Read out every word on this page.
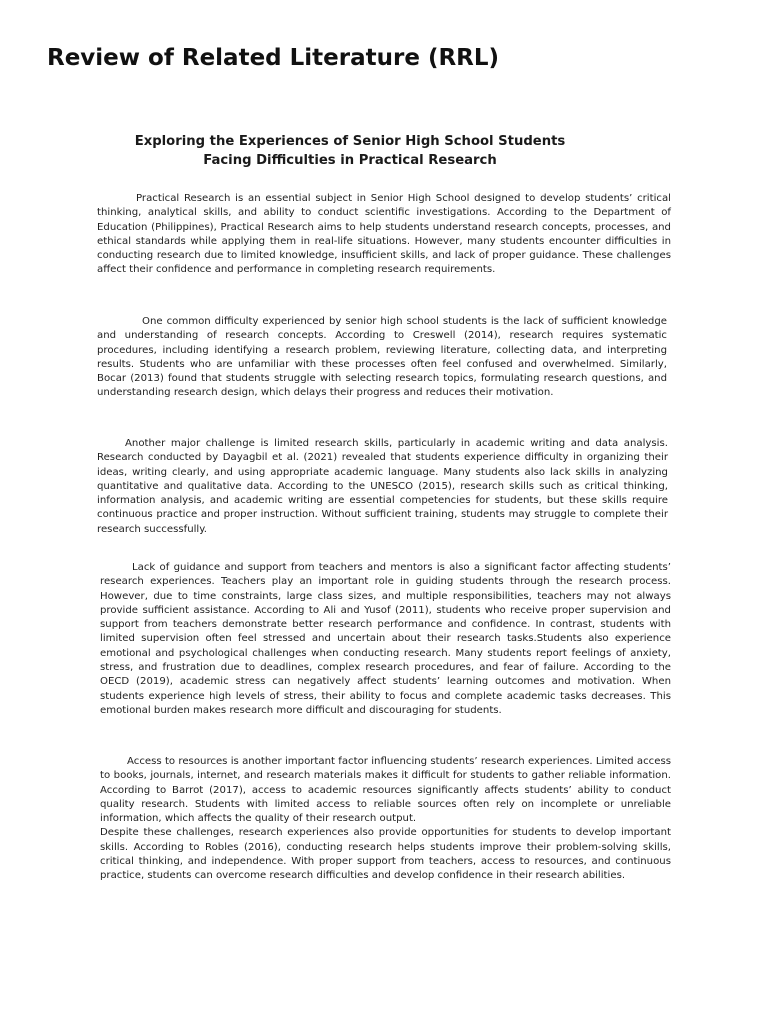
Review of Related Literature (RRL)
Exploring the Experiences of Senior High School Students
Facing Difficulties in Practical Research

Practical Research is an essential subject in Senior High School designed to develop students’ critical thinking, analytical skills, and ability to conduct scientific investigations. According to the Department of Education (Philippines), Practical Research aims to help students understand research concepts, processes, and ethical standards while applying them in real-life situations. However, many students encounter difficulties in conducting research due to limited knowledge, insufficient skills, and lack of proper guidance. These challenges affect their confidence and performance in completing research requirements.

One common difficulty experienced by senior high school students is the lack of sufficient knowledge and understanding of research concepts. According to Creswell (2014), research requires systematic procedures, including identifying a research problem, reviewing literature, collecting data, and interpreting results. Students who are unfamiliar with these processes often feel confused and overwhelmed. Similarly, Bocar (2013) found that students struggle with selecting research topics, formulating research questions, and understanding research design, which delays their progress and reduces their motivation.

Another major challenge is limited research skills, particularly in academic writing and data analysis. Research conducted by Dayagbil et al. (2021) revealed that students experience difficulty in organizing their ideas, writing clearly, and using appropriate academic language. Many students also lack skills in analyzing quantitative and qualitative data. According to the UNESCO (2015), research skills such as critical thinking, information analysis, and academic writing are essential competencies for students, but these skills require continuous practice and proper instruction. Without sufficient training, students may struggle to complete their research successfully.

Lack of guidance and support from teachers and mentors is also a significant factor affecting students’ research experiences. Teachers play an important role in guiding students through the research process. However, due to time constraints, large class sizes, and multiple responsibilities, teachers may not always provide sufficient assistance. According to Ali and Yusof (2011), students who receive proper supervision and support from teachers demonstrate better research performance and confidence. In contrast, students with limited supervision often feel stressed and uncertain about their research tasks.Students also experience emotional and psychological challenges when conducting research. Many students report feelings of anxiety, stress, and frustration due to deadlines, complex research procedures, and fear of failure. According to the OECD (2019), academic stress can negatively affect students’ learning outcomes and motivation. When students experience high levels of stress, their ability to focus and complete academic tasks decreases. This emotional burden makes research more difficult and discouraging for students.

Access to resources is another important factor influencing students’ research experiences. Limited access to books, journals, internet, and research materials makes it difficult for students to gather reliable information. According to Barrot (2017), access to academic resources significantly affects students’ ability to conduct quality research. Students with limited access to reliable sources often rely on incomplete or unreliable information, which affects the quality of their research output.

Despite these challenges, research experiences also provide opportunities for students to develop important skills. According to Robles (2016), conducting research helps students improve their problem-solving skills, critical thinking, and independence. With proper support from teachers, access to resources, and continuous practice, students can overcome research difficulties and develop confidence in their research abilities.
